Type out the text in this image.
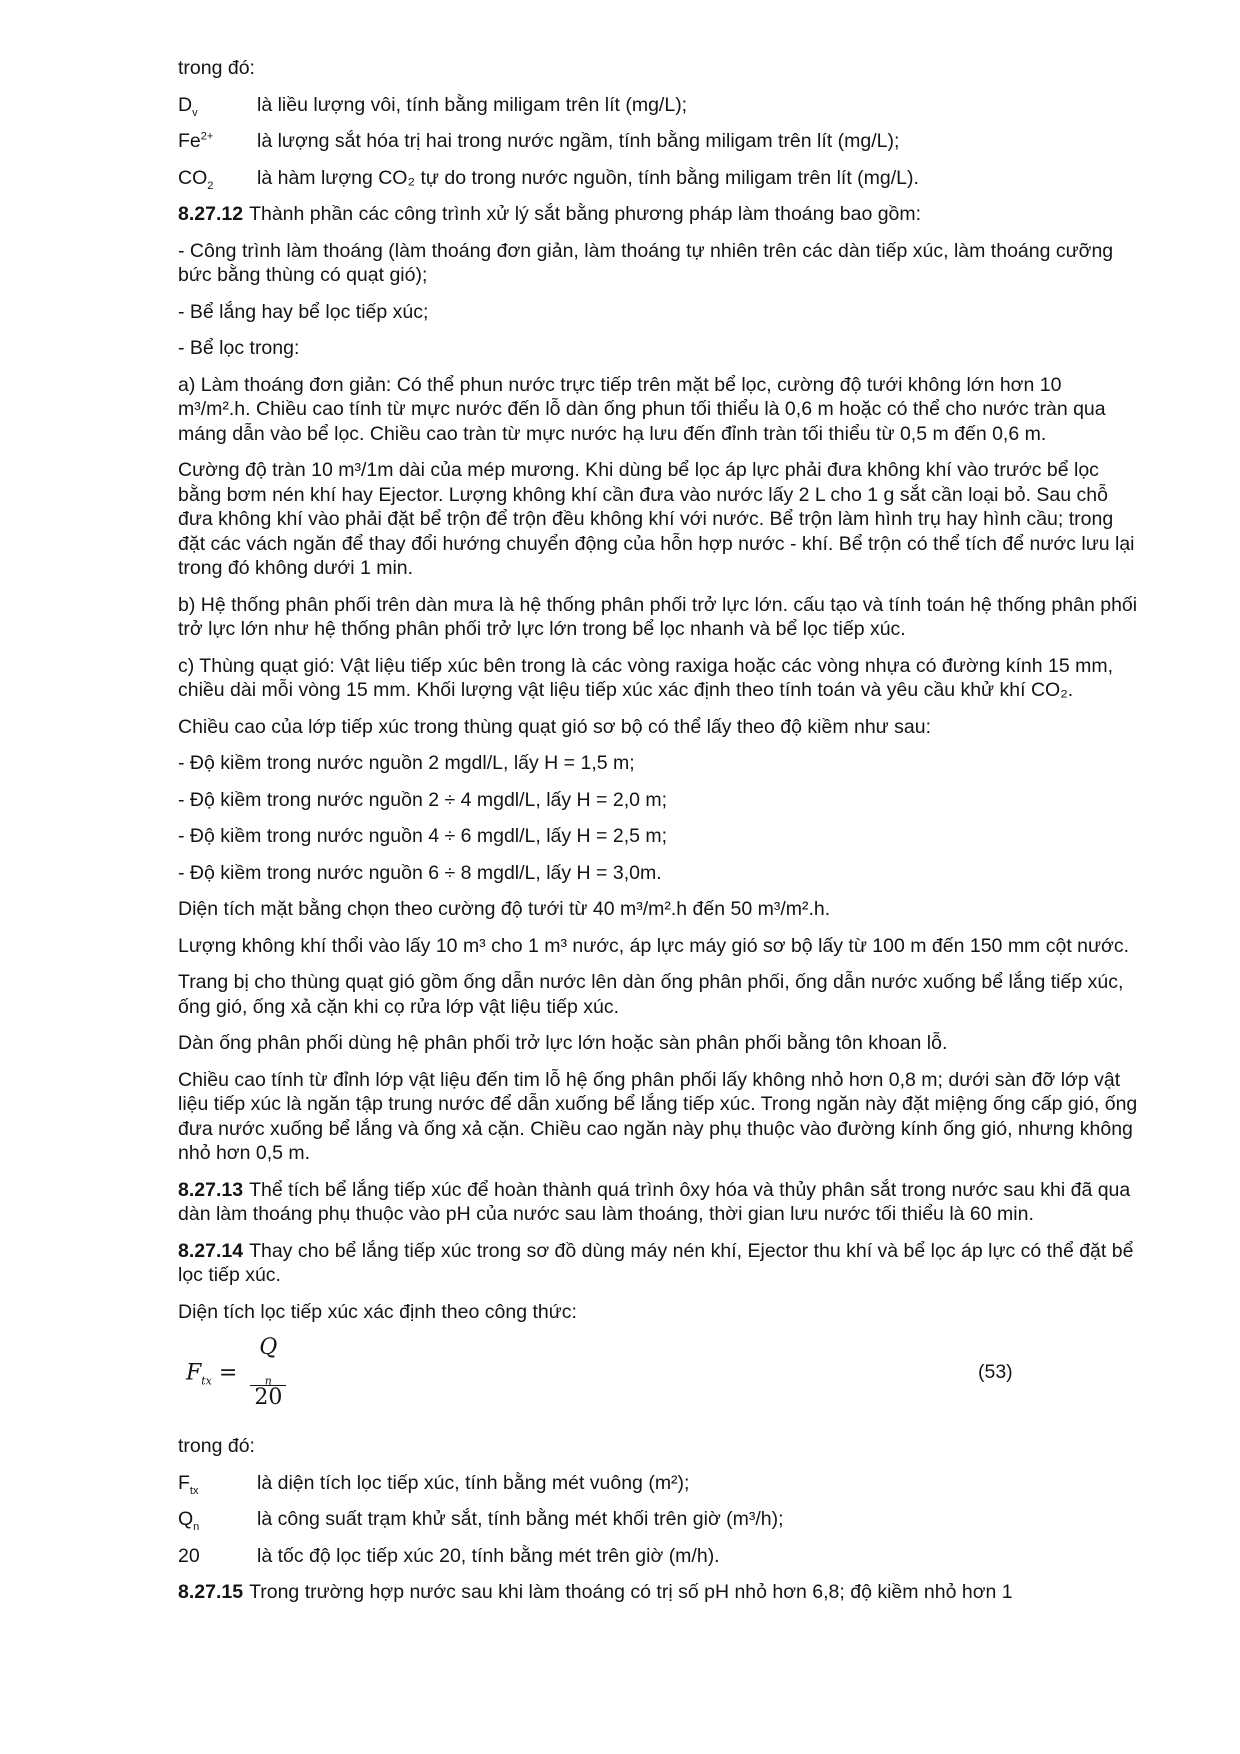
trong đó:

$D_v$	là liều lượng vôi, tính bằng miligam trên lít (mg/L);
$Fe^{2+}$	là lượng sắt hóa trị hai trong nước ngầm, tính bằng miligam trên lít (mg/L);
$CO_2$	là hàm lượng CO₂ tự do trong nước nguồn, tính bằng miligam trên lít (mg/L).

8.27.12 Thành phần các công trình xử lý sắt bằng phương pháp làm thoáng bao gồm:

- Công trình làm thoáng (làm thoáng đơn giản, làm thoáng tự nhiên trên các dàn tiếp xúc, làm thoáng cưỡng bức bằng thùng có quạt gió);

- Bể lắng hay bể lọc tiếp xúc;

- Bể lọc trong:

a) Làm thoáng đơn giản: Có thể phun nước trực tiếp trên mặt bể lọc, cường độ tưới không lớn hơn 10 m³/m².h. Chiều cao tính từ mực nước đến lỗ dàn ống phun tối thiểu là 0,6 m hoặc có thể cho nước tràn qua máng dẫn vào bể lọc. Chiều cao tràn từ mực nước hạ lưu đến đỉnh tràn tối thiểu từ 0,5 m đến 0,6 m.

Cường độ tràn 10 m³/1m dài của mép mương. Khi dùng bể lọc áp lực phải đưa không khí vào trước bể lọc bằng bơm nén khí hay Ejector. Lượng không khí cần đưa vào nước lấy 2 L cho 1 g sắt cần loại bỏ. Sau chỗ đưa không khí vào phải đặt bể trộn để trộn đều không khí với nước. Bể trộn làm hình trụ hay hình cầu; trong đặt các vách ngăn để thay đổi hướng chuyển động của hỗn hợp nước - khí. Bể trộn có thể tích để nước lưu lại trong đó không dưới 1 min.

b) Hệ thống phân phối trên dàn mưa là hệ thống phân phối trở lực lớn. cấu tạo và tính toán hệ thống phân phối trở lực lớn như hệ thống phân phối trở lực lớn trong bể lọc nhanh và bể lọc tiếp xúc.

c) Thùng quạt gió: Vật liệu tiếp xúc bên trong là các vòng raxiga hoặc các vòng nhựa có đường kính 15 mm, chiều dài mỗi vòng 15 mm. Khối lượng vật liệu tiếp xúc xác định theo tính toán và yêu cầu khử khí CO₂.

Chiều cao của lớp tiếp xúc trong thùng quạt gió sơ bộ có thể lấy theo độ kiềm như sau:

- Độ kiềm trong nước nguồn 2 mgdl/L, lấy H = 1,5 m;

- Độ kiềm trong nước nguồn 2 ÷ 4 mgdl/L, lấy H = 2,0 m;

- Độ kiềm trong nước nguồn 4 ÷ 6 mgdl/L, lấy H = 2,5 m;

- Độ kiềm trong nước nguồn 6 ÷ 8 mgdl/L, lấy H = 3,0m.

Diện tích mặt bằng chọn theo cường độ tưới từ 40 m³/m².h đến 50 m³/m².h.

Lượng không khí thổi vào lấy 10 m³ cho 1 m³ nước, áp lực máy gió sơ bộ lấy từ 100 m đến 150 mm cột nước.

Trang bị cho thùng quạt gió gồm ống dẫn nước lên dàn ống phân phối, ống dẫn nước xuống bể lắng tiếp xúc, ống gió, ống xả cặn khi cọ rửa lớp vật liệu tiếp xúc.

Dàn ống phân phối dùng hệ phân phối trở lực lớn hoặc sàn phân phối bằng tôn khoan lỗ.

Chiều cao tính từ đỉnh lớp vật liệu đến tim lỗ hệ ống phân phối lấy không nhỏ hơn 0,8 m; dưới sàn đỡ lớp vật liệu tiếp xúc là ngăn tập trung nước để dẫn xuống bể lắng tiếp xúc. Trong ngăn này đặt miệng ống cấp gió, ống đưa nước xuống bể lắng và ống xả cặn. Chiều cao ngăn này phụ thuộc vào đường kính ống gió, nhưng không nhỏ hơn 0,5 m.

8.27.13 Thể tích bể lắng tiếp xúc để hoàn thành quá trình ôxy hóa và thủy phân sắt trong nước sau khi đã qua dàn làm thoáng phụ thuộc vào pH của nước sau làm thoáng, thời gian lưu nước tối thiểu là 60 min.

8.27.14 Thay cho bể lắng tiếp xúc trong sơ đồ dùng máy nén khí, Ejector thu khí và bể lọc áp lực có thể đặt bể lọc tiếp xúc.

Diện tích lọc tiếp xúc xác định theo công thức:

$F_{tx} = Q$
$_n$
20	(53)

trong đó:

$F_{tx}$	là diện tích lọc tiếp xúc, tính bằng mét vuông (m²);
$Q_n$	là công suất trạm khử sắt, tính bằng mét khối trên giờ (m³/h);
20	là tốc độ lọc tiếp xúc 20, tính bằng mét trên giờ (m/h).

8.27.15 Trong trường hợp nước sau khi làm thoáng có trị số pH nhỏ hơn 6,8; độ kiềm nhỏ hơn 1
